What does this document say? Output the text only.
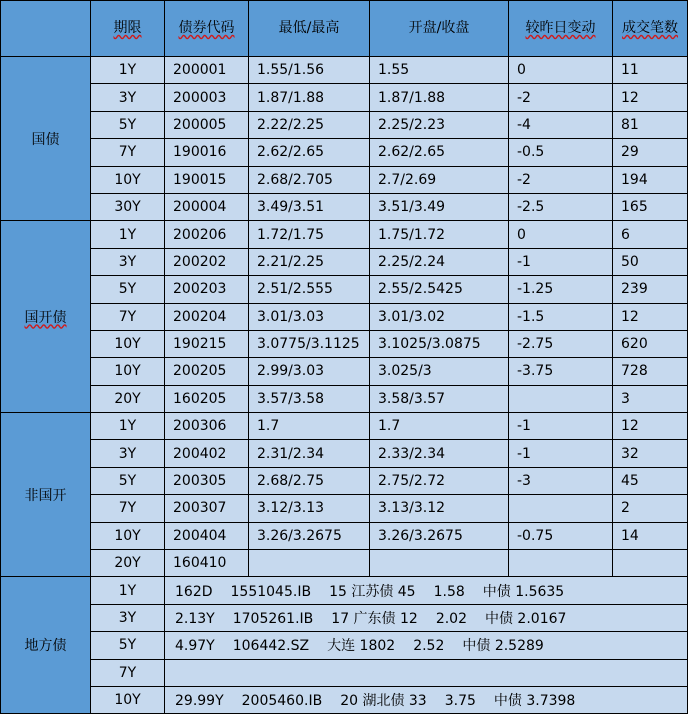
	期限	债券代码	最低/最高	开盘/收盘	较昨日变动	成交笔数
国债	1Y	200001	1.55/1.56	1.55	0	11
	3Y	200003	1.87/1.88	1.87/1.88	-2	12
	5Y	200005	2.22/2.25	2.25/2.23	-4	81
	7Y	190016	2.62/2.65	2.62/2.65	-0.5	29
	10Y	190015	2.68/2.705	2.7/2.69	-2	194
	30Y	200004	3.49/3.51	3.51/3.49	-2.5	165
国开债	1Y	200206	1.72/1.75	1.75/1.72	0	6
	3Y	200202	2.21/2.25	2.25/2.24	-1	50
	5Y	200203	2.51/2.555	2.55/2.5425	-1.25	239
	7Y	200204	3.01/3.03	3.01/3.02	-1.5	12
	10Y	190215	3.0775/3.1125	3.1025/3.0875	-2.75	620
	10Y	200205	2.99/3.03	3.025/3	-3.75	728
	20Y	160205	3.57/3.58	3.58/3.57		3
非国开	1Y	200306	1.7	1.7	-1	12
	3Y	200402	2.31/2.34	2.33/2.34	-1	32
	5Y	200305	2.68/2.75	2.75/2.72	-3	45
	7Y	200307	3.12/3.13	3.13/3.12		2
	10Y	200404	3.26/3.2675	3.26/3.2675	-0.75	14
	20Y	160410				
地方债	1Y	162D 1551045.IB 15 江苏债 45 1.58 中债 1.5635				
	3Y	2.13Y 1705261.IB 17 广东债 12 2.02 中债 2.0167				
	5Y	4.97Y 106442.SZ 大连 1802 2.52 中债 2.5289				
	7Y					
	10Y	29.99Y 2005460.IB 20 湖北债 33 3.75 中债 3.7398				
